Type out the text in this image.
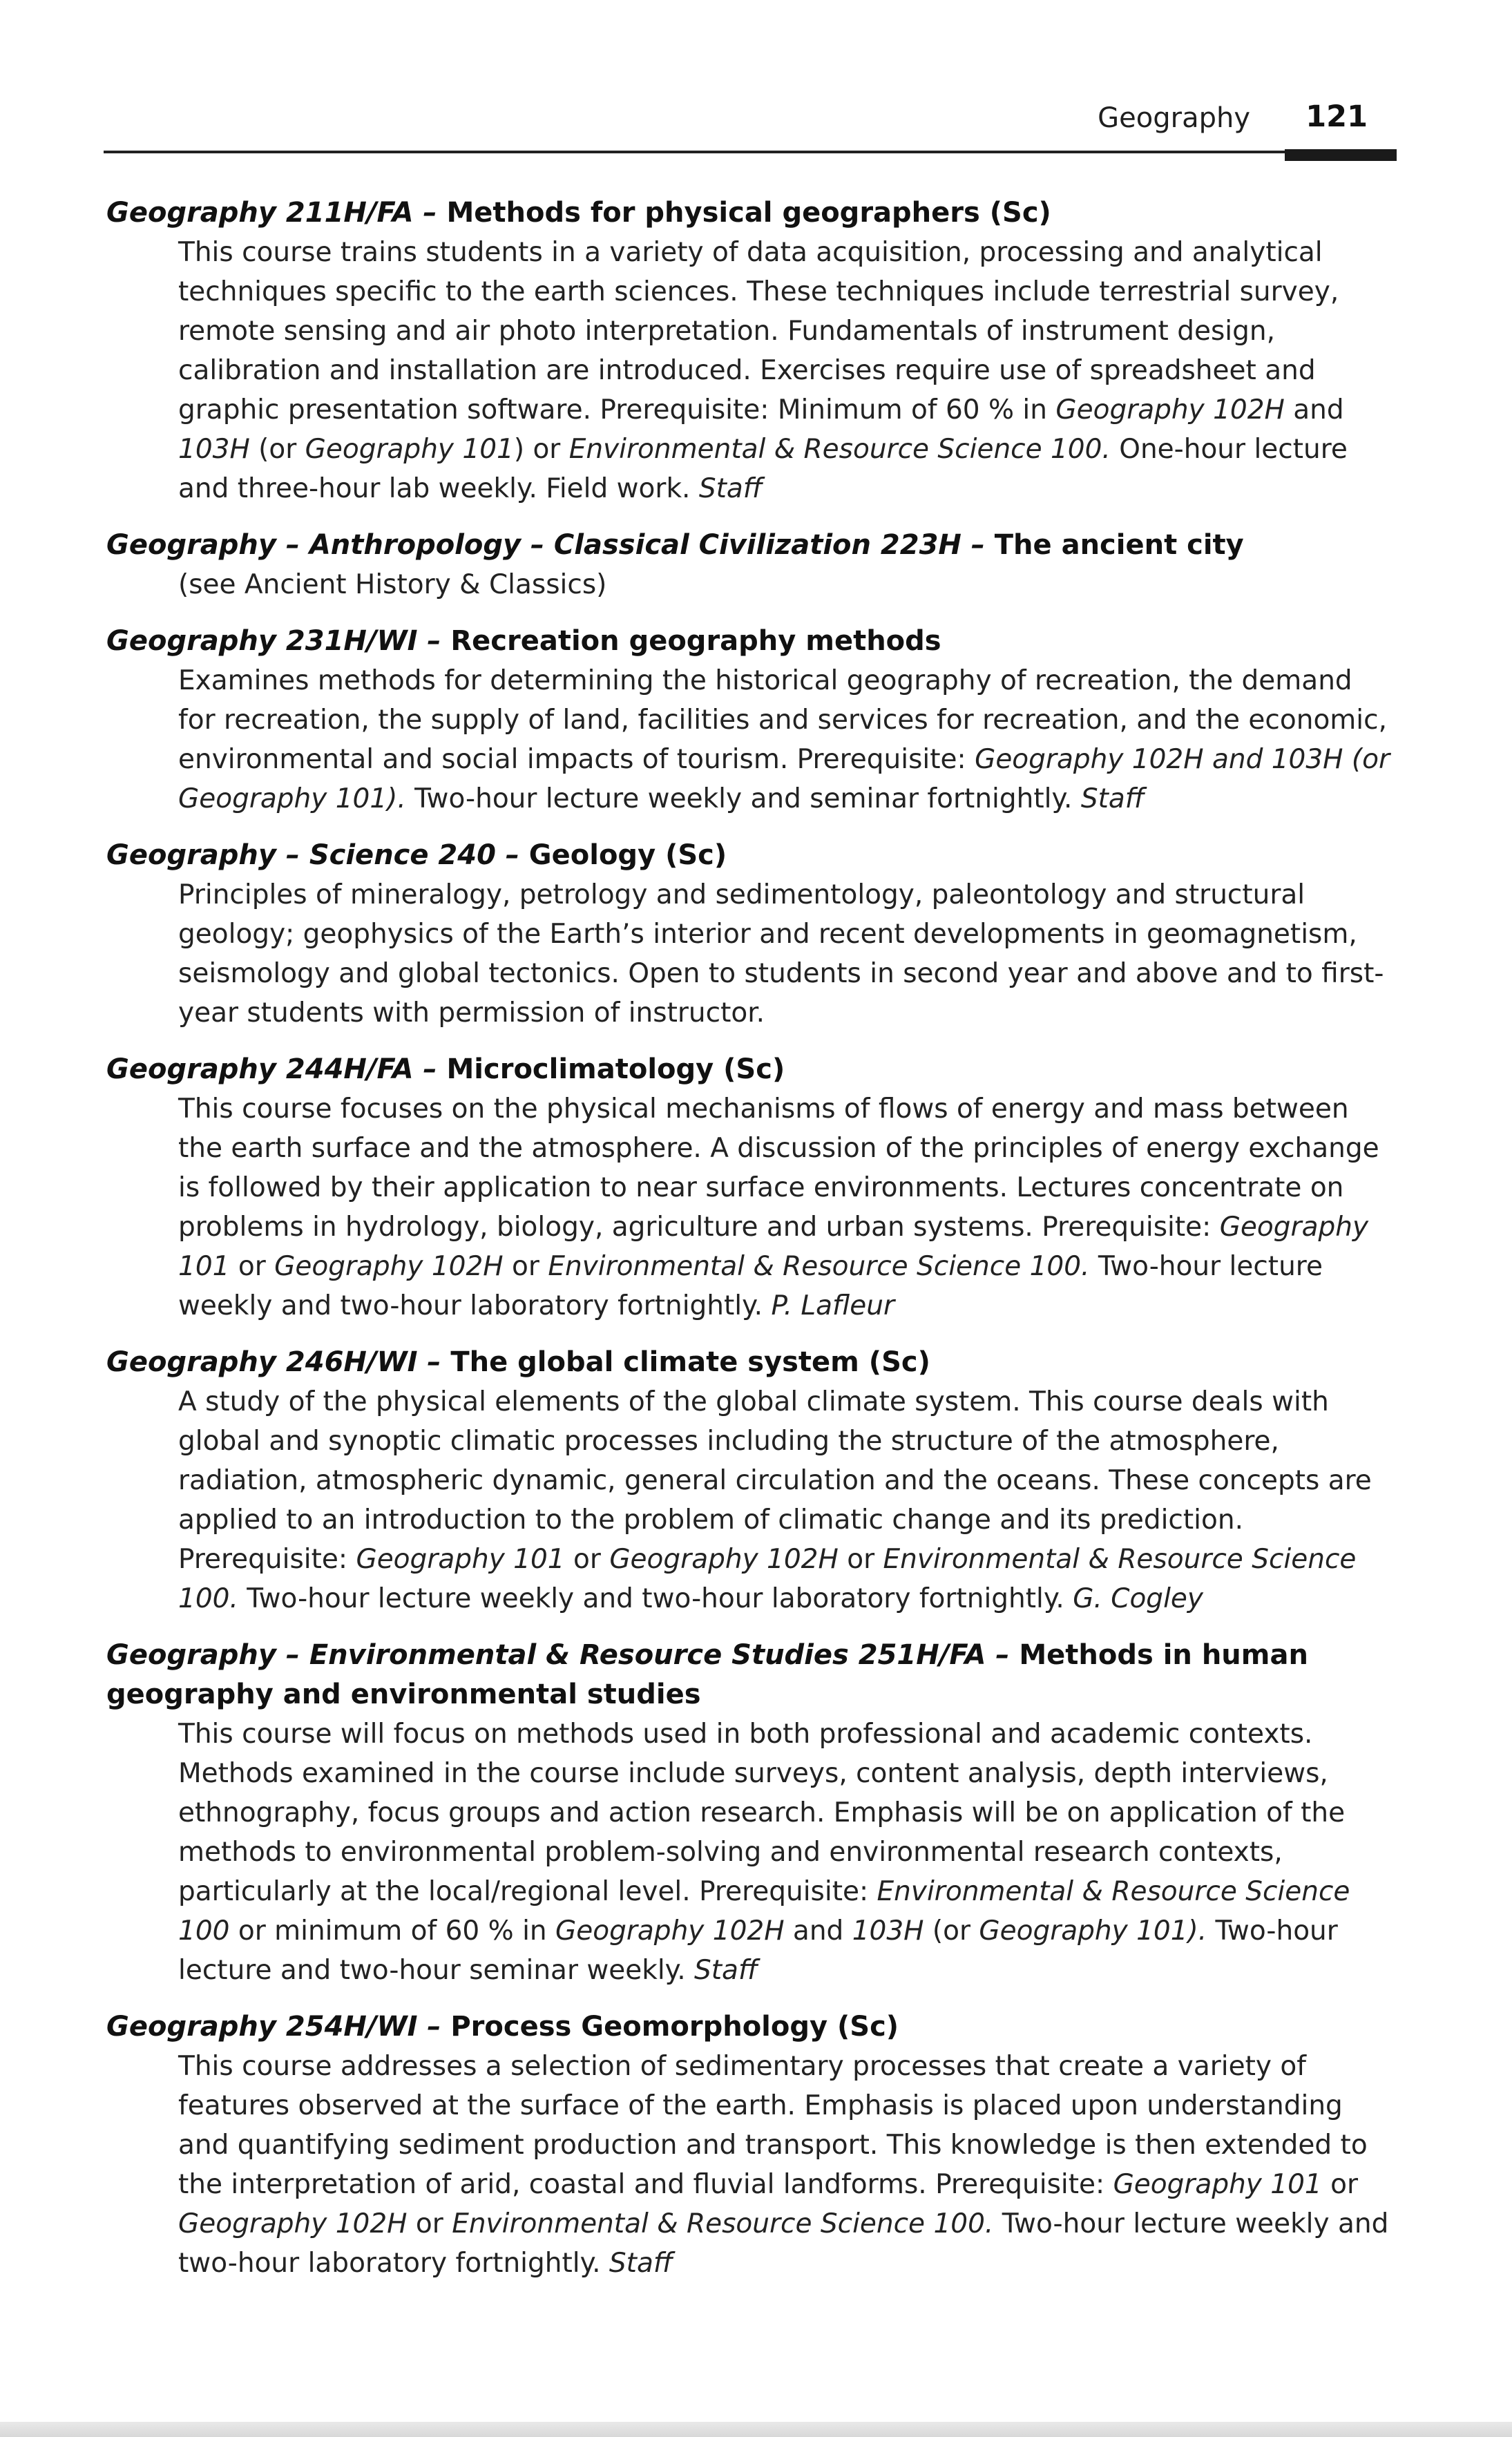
Geography 121
Geography 211H/FA – Methods for physical geographers (Sc)
This course trains students in a variety of data acquisition, processing and analytical techniques specific to the earth sciences. These techniques include terrestrial survey, remote sensing and air photo interpretation. Fundamentals of instrument design, calibration and installation are introduced. Exercises require use of spreadsheet and graphic presentation software. Prerequisite: Minimum of 60 % in Geography 102H and 103H (or Geography 101) or Environmental & Resource Science 100. One-hour lecture and three-hour lab weekly. Field work. Staff
Geography – Anthropology – Classical Civilization 223H – The ancient city
(see Ancient History & Classics)
Geography 231H/WI – Recreation geography methods
Examines methods for determining the historical geography of recreation, the demand for recreation, the supply of land, facilities and services for recreation, and the economic, environmental and social impacts of tourism. Prerequisite: Geography 102H and 103H (or Geography 101). Two-hour lecture weekly and seminar fortnightly. Staff
Geography – Science 240 – Geology (Sc)
Principles of mineralogy, petrology and sedimentology, paleontology and structural geology; geophysics of the Earth’s interior and recent developments in geomagnetism, seismology and global tectonics. Open to students in second year and above and to first-year students with permission of instructor.
Geography 244H/FA – Microclimatology (Sc)
This course focuses on the physical mechanisms of flows of energy and mass between the earth surface and the atmosphere. A discussion of the principles of energy exchange is followed by their application to near surface environments. Lectures concentrate on problems in hydrology, biology, agriculture and urban systems. Prerequisite: Geography 101 or Geography 102H or Environmental & Resource Science 100. Two-hour lecture weekly and two-hour laboratory fortnightly. P. Lafleur
Geography 246H/WI – The global climate system (Sc)
A study of the physical elements of the global climate system. This course deals with global and synoptic climatic processes including the structure of the atmosphere, radiation, atmospheric dynamic, general circulation and the oceans. These concepts are applied to an introduction to the problem of climatic change and its prediction. Prerequisite: Geography 101 or Geography 102H or Environmental & Resource Science 100. Two-hour lecture weekly and two-hour laboratory fortnightly. G. Cogley
Geography – Environmental & Resource Studies 251H/FA – Methods in human geography and environmental studies
This course will focus on methods used in both professional and academic contexts. Methods examined in the course include surveys, content analysis, depth interviews, ethnography, focus groups and action research. Emphasis will be on application of the methods to environmental problem-solving and environmental research contexts, particularly at the local/regional level. Prerequisite: Environmental & Resource Science 100 or minimum of 60 % in Geography 102H and 103H (or Geography 101). Two-hour lecture and two-hour seminar weekly. Staff
Geography 254H/WI – Process Geomorphology (Sc)
This course addresses a selection of sedimentary processes that create a variety of features observed at the surface of the earth. Emphasis is placed upon understanding and quantifying sediment production and transport. This knowledge is then extended to the interpretation of arid, coastal and fluvial landforms. Prerequisite: Geography 101 or Geography 102H or Environmental & Resource Science 100. Two-hour lecture weekly and two-hour laboratory fortnightly. Staff
